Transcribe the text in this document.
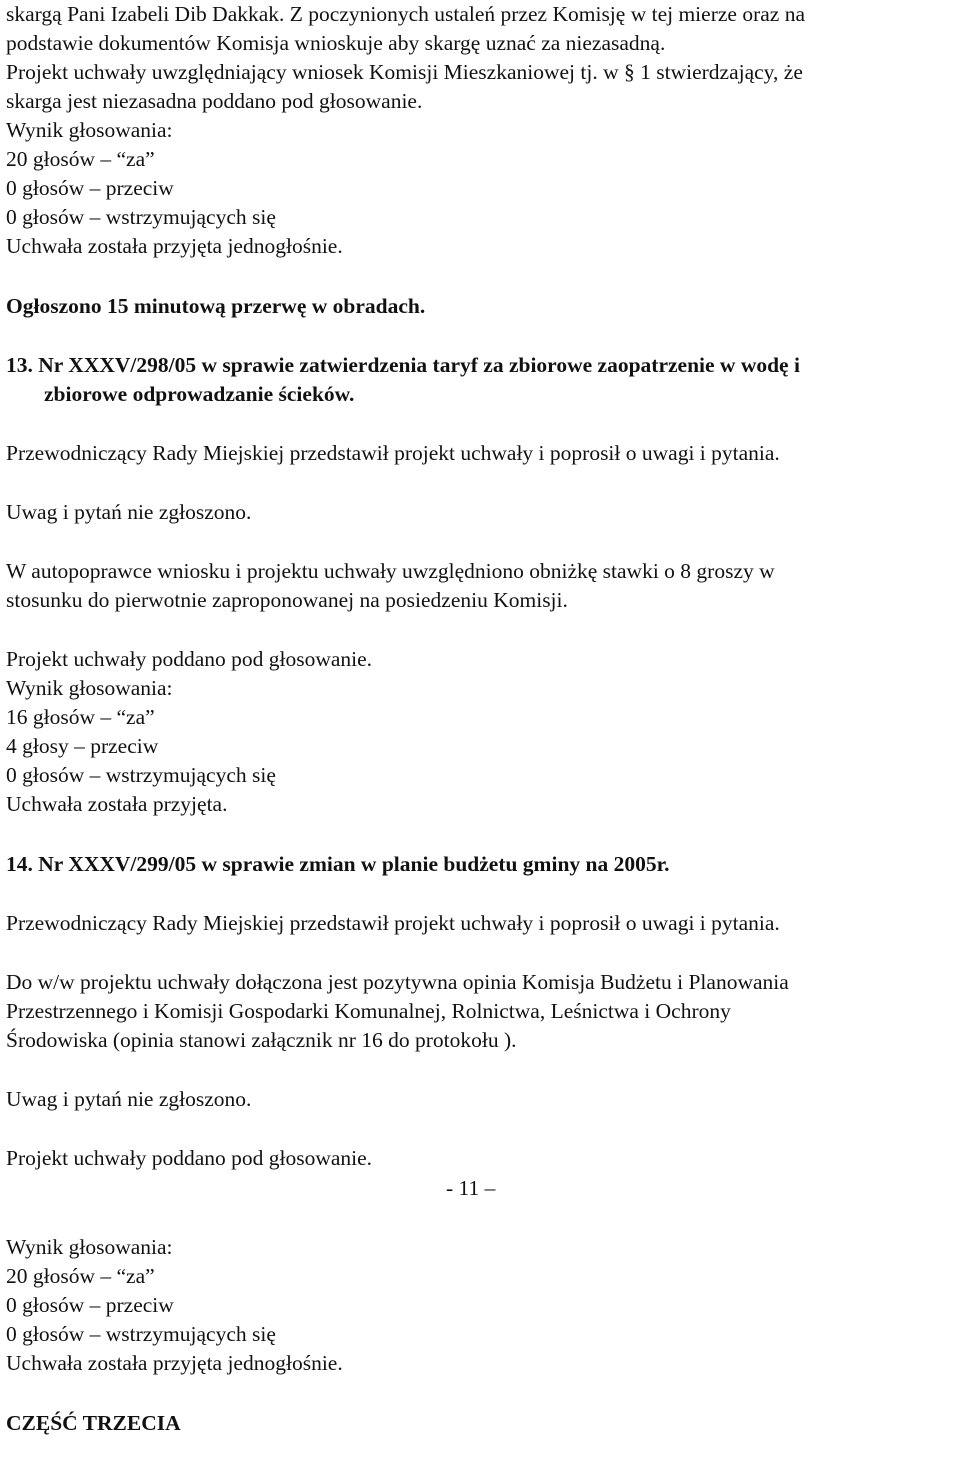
skargą Pani Izabeli Dib Dakkak. Z poczynionych ustaleń przez Komisję w tej mierze oraz na
podstawie dokumentów Komisja wnioskuje aby skargę uznać za niezasadną.
Projekt uchwały uwzględniający wniosek Komisji Mieszkaniowej tj. w § 1 stwierdzający, że
skarga jest niezasadna poddano pod głosowanie.
Wynik głosowania:
20 głosów – “za”
0 głosów – przeciw
0 głosów – wstrzymujących się
Uchwała została przyjęta jednogłośnie.
Ogłoszono 15 minutową przerwę w obradach.
13. Nr XXXV/298/05 w sprawie zatwierdzenia taryf za zbiorowe zaopatrzenie w wodę i
zbiorowe odprowadzanie ścieków.
Przewodniczący Rady Miejskiej przedstawił projekt uchwały i poprosił o uwagi i pytania.
Uwag i pytań nie zgłoszono.
W autopoprawce wniosku i projektu uchwały uwzględniono obniżkę stawki o 8 groszy w
stosunku do pierwotnie zaproponowanej na posiedzeniu Komisji.
Projekt uchwały poddano pod głosowanie.
Wynik głosowania:
16 głosów – “za”
4 głosy – przeciw
0 głosów – wstrzymujących się
Uchwała została przyjęta.
14. Nr XXXV/299/05 w sprawie zmian w planie budżetu gminy na 2005r.
Przewodniczący Rady Miejskiej przedstawił projekt uchwały i poprosił o uwagi i pytania.
Do w/w projektu uchwały dołączona jest pozytywna opinia Komisja Budżetu i Planowania
Przestrzennego i Komisji Gospodarki Komunalnej, Rolnictwa, Leśnictwa i Ochrony
Środowiska (opinia stanowi załącznik nr 16 do protokołu ).
Uwag i pytań nie zgłoszono.
Projekt uchwały poddano pod głosowanie.
- 11 –
Wynik głosowania:
20 głosów – “za”
0 głosów – przeciw
0 głosów – wstrzymujących się
Uchwała została przyjęta jednogłośnie.
CZĘŚĆ TRZECIA
